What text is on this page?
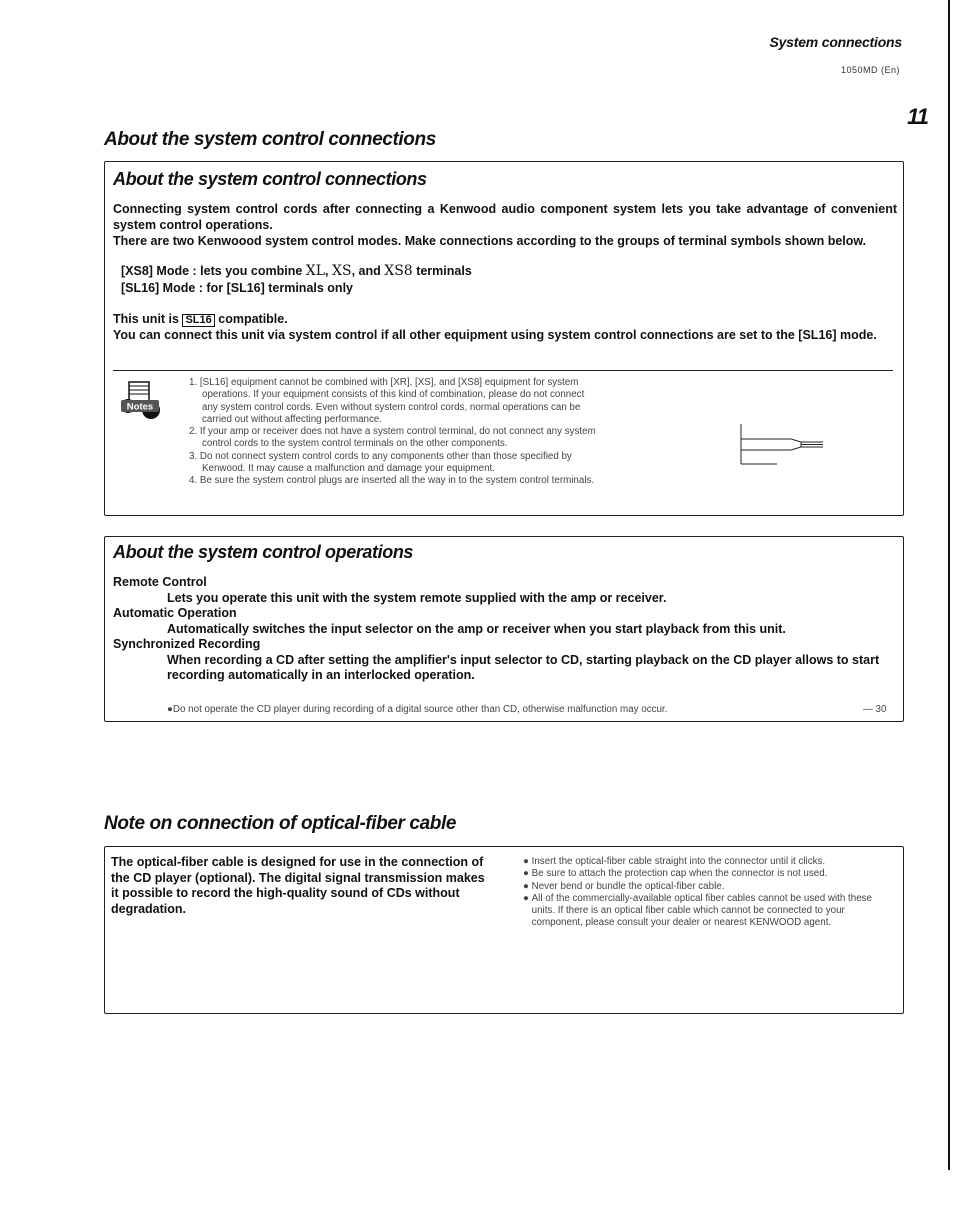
System connections
1050MD (En)
11
About the system control connections
About the system control connections
Connecting system control cords after connecting a Kenwood audio component system lets you take advantage of convenient system control operations.
There are two Kenwoood system control modes. Make connections according to the groups of terminal symbols shown below.
[XS8] Mode : lets you combine XL, XS, and XS8 terminals
[SL16] Mode : for [SL16] terminals only
This unit is SL16 compatible.
You can connect this unit via system control if all other equipment using system control connections are set to the [SL16] mode.
Notes
1. [SL16] equipment cannot be combined with [XR], [XS], and [XS8] equipment for system
operations. If your equipment consists of this kind of combination, please do not connect
any system control cords. Even without system control cords, normal operations can be
carried out without affecting performance.
2. If your amp or receiver does not have a system control terminal, do not connect any system
control cords to the system control terminals on the other components.
3. Do not connect system control cords to any components other than those specified by
Kenwood. It may cause a malfunction and damage your equipment.
4. Be sure the system control plugs are inserted all the way in to the system control terminals.
About the system control operations
Remote Control
Lets you operate this unit with the system remote supplied with the amp or receiver.
Automatic Operation
Automatically switches the input selector on the amp or receiver when you start playback from this unit.
Synchronized Recording
When recording a CD after setting the amplifier's input selector to CD, starting playback on the CD player allows to start recording automatically in an interlocked operation.
●Do not operate the CD player during recording of a digital source other than CD, otherwise malfunction may occur.	— 30
Note on connection of optical-fiber cable
The optical-fiber cable is designed for use in the connection of the CD player (optional). The digital signal transmission makes it possible to record the high-quality sound of CDs without degradation.
● Insert the optical-fiber cable straight into the connector until it clicks.
● Be sure to attach the protection cap when the connector is not used.
● Never bend or bundle the optical-fiber cable.
● All of the commercially-available optical fiber cables cannot be used with these units. If there is an optical fiber cable which cannot be connected to your component, please consult your dealer or nearest KENWOOD agent.
